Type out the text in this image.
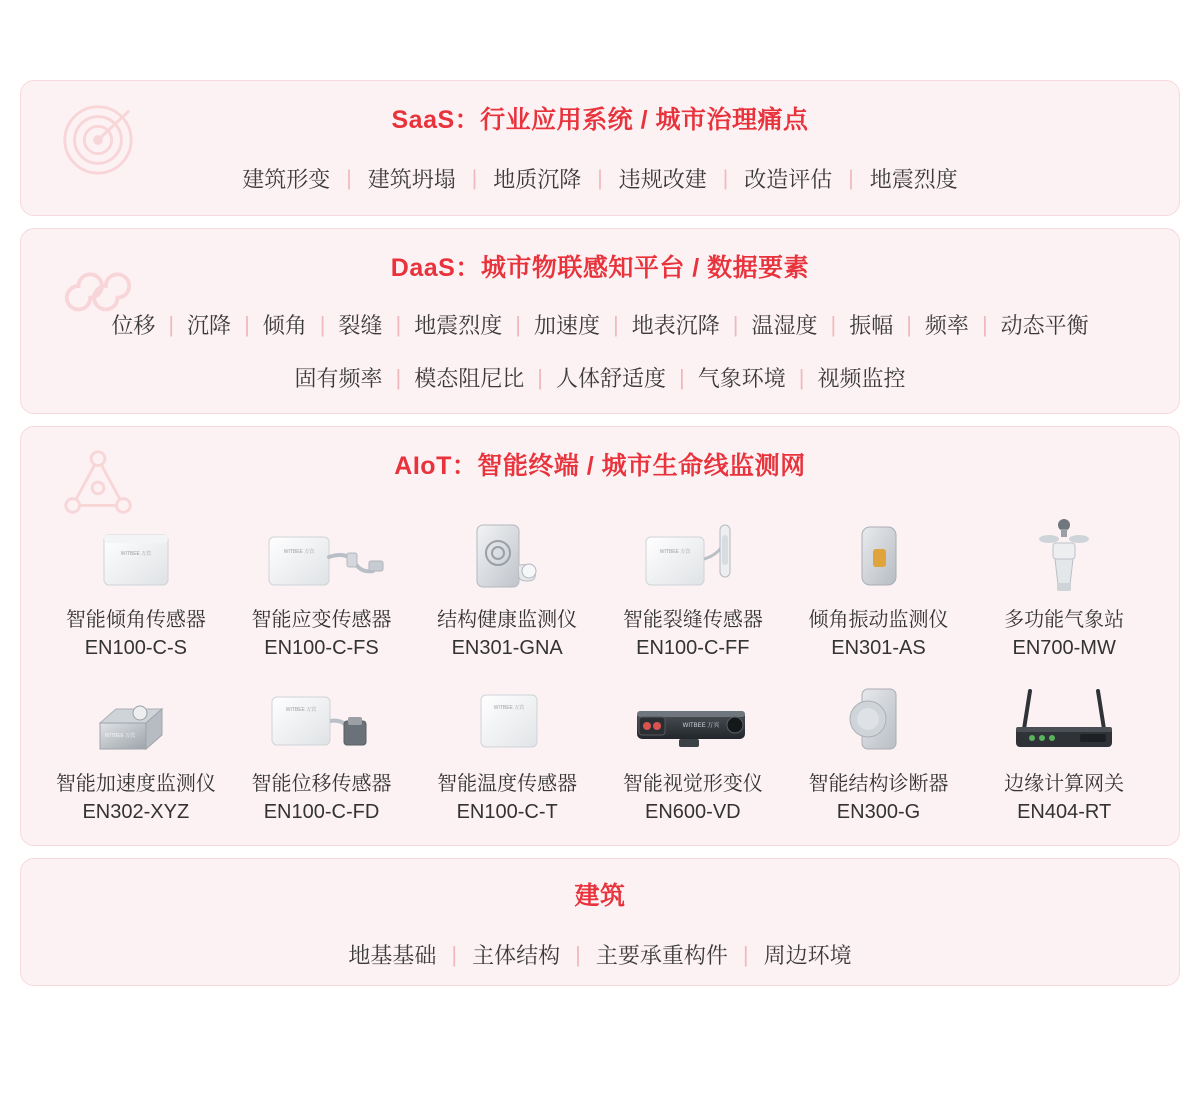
SaaS：行业应用系统 / 城市治理痛点
建筑形变 | 建筑坍塌 | 地质沉降 | 违规改建 | 改造评估 | 地震烈度
DaaS：城市物联感知平台 / 数据要素
位移 | 沉降 | 倾角 | 裂缝 | 地震烈度 | 加速度 | 地表沉降 | 温湿度 | 振幅 | 频率 | 动态平衡
固有频率 | 模态阻尼比 | 人体舒适度 | 气象环境 | 视频监控
AIoT：智能终端 / 城市生命线监测网
WITBEE 万宾
智能倾角传感器
EN100-C-S
WITBEE 万宾
智能应变传感器
EN100-C-FS
结构健康监测仪
EN301-GNA
WITBEE 万宾
智能裂缝传感器
EN100-C-FF
倾角振动监测仪
EN301-AS
多功能气象站
EN700-MW
WITBEE 万宾
智能加速度监测仪
EN302-XYZ
WITBEE 万宾
智能位移传感器
EN100-C-FD
WITBEE 万宾
智能温度传感器
EN100-C-T
WITBEE 万宾
智能视觉形变仪
EN600-VD
智能结构诊断器
EN300-G
边缘计算网关
EN404-RT
建筑
地基基础 | 主体结构 | 主要承重构件 | 周边环境
